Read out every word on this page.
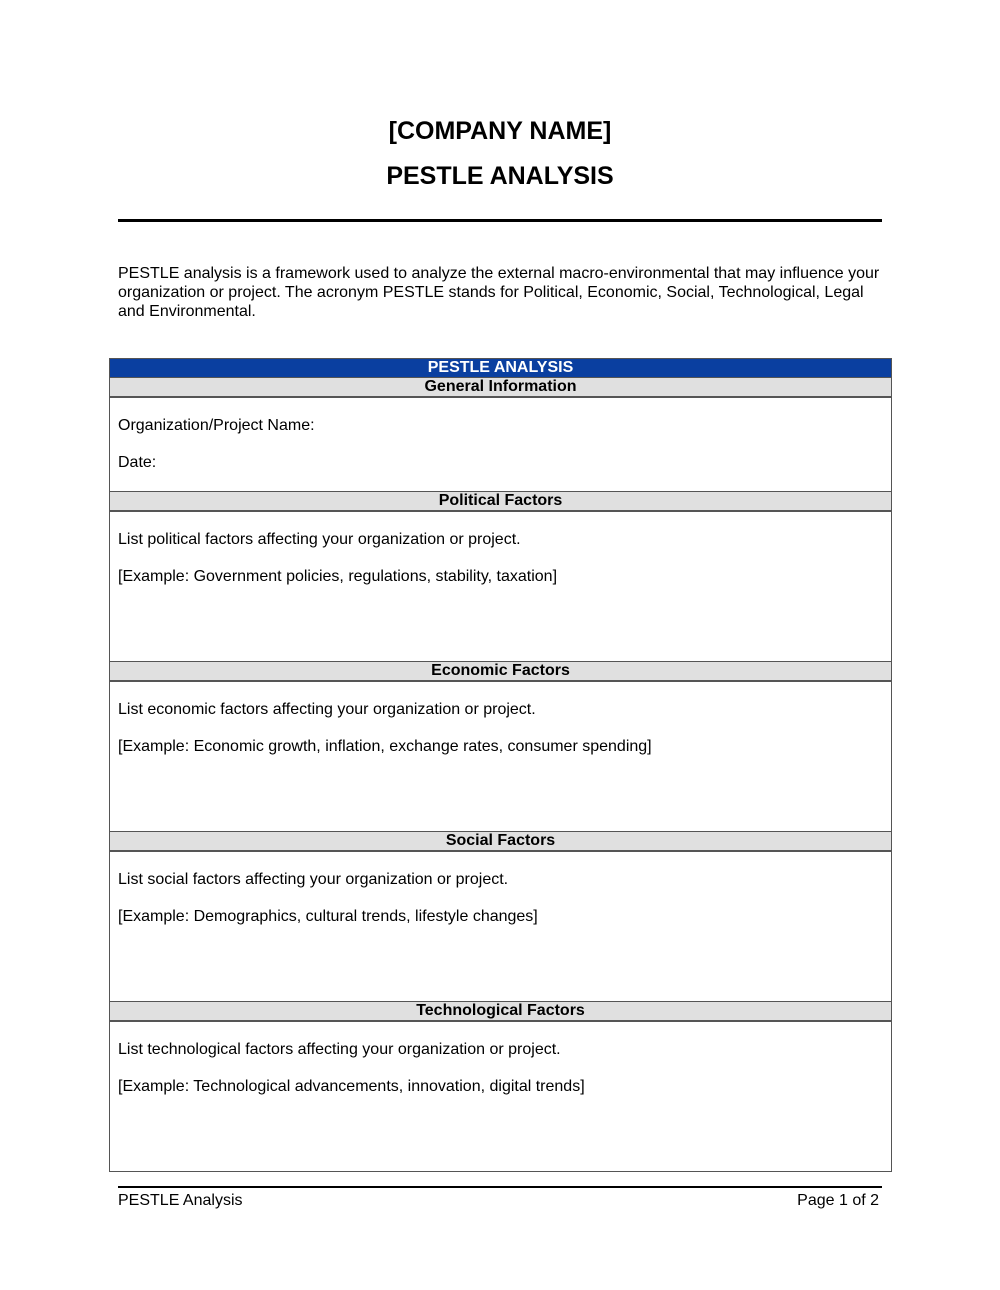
[COMPANY NAME]
PESTLE ANALYSIS
PESTLE analysis is a framework used to analyze the external macro-environmental that may influence your organization or project. The acronym PESTLE stands for Political, Economic, Social, Technological, Legal and Environmental.
PESTLE ANALYSIS
General Information

Organization/Project Name:

Date:

Political Factors

List political factors affecting your organization or project.

[Example: Government policies, regulations, stability, taxation]

Economic Factors

List economic factors affecting your organization or project.

[Example: Economic growth, inflation, exchange rates, consumer spending]

Social Factors

List social factors affecting your organization or project.

[Example: Demographics, cultural trends, lifestyle changes]

Technological Factors

List technological factors affecting your organization or project.

[Example: Technological advancements, innovation, digital trends]

PESTLE Analysis	Page 1 of 2
